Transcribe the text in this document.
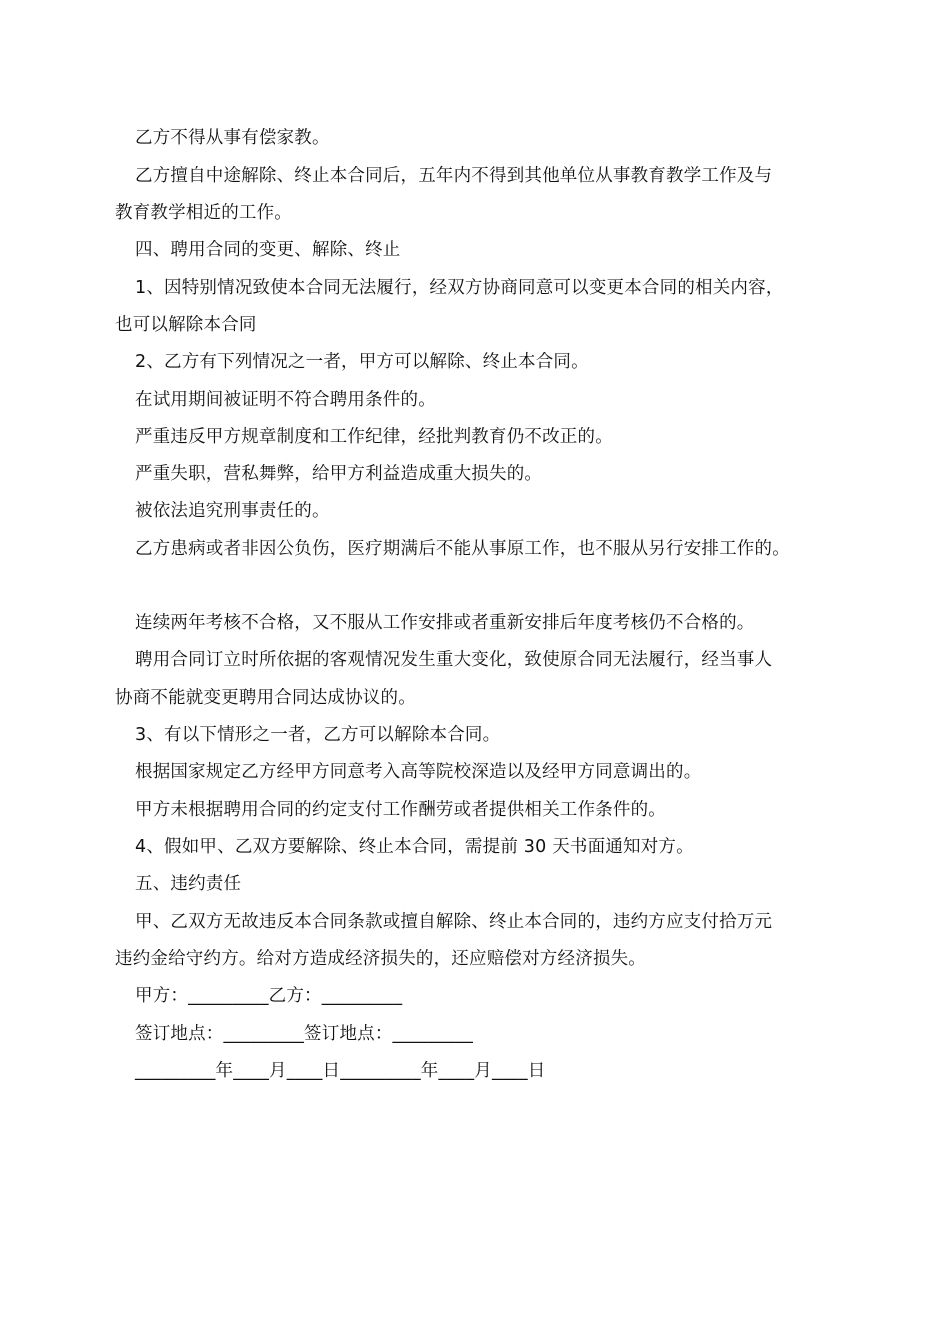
乙方不得从事有偿家教。
乙方擅自中途解除、终止本合同后，五年内不得到其他单位从事教育教学工作及与
教育教学相近的工作。
四、聘用合同的变更、解除、终止
1、因特别情况致使本合同无法履行，经双方协商同意可以变更本合同的相关内容，
也可以解除本合同
2、乙方有下列情况之一者，甲方可以解除、终止本合同。
在试用期间被证明不符合聘用条件的。
严重违反甲方规章制度和工作纪律，经批判教育仍不改正的。
严重失职，营私舞弊，给甲方利益造成重大损失的。
被依法追究刑事责任的。
乙方患病或者非因公负伤，医疗期满后不能从事原工作，也不服从另行安排工作的。
连续两年考核不合格，又不服从工作安排或者重新安排后年度考核仍不合格的。
聘用合同订立时所依据的客观情况发生重大变化，致使原合同无法履行，经当事人
协商不能就变更聘用合同达成协议的。
3、有以下情形之一者，乙方可以解除本合同。
根据国家规定乙方经甲方同意考入高等院校深造以及经甲方同意调出的。
甲方未根据聘用合同的约定支付工作酬劳或者提供相关工作条件的。
4、假如甲、乙双方要解除、终止本合同，需提前 30 天书面通知对方。
五、违约责任
甲、乙双方无故违反本合同条款或擅自解除、终止本合同的，违约方应支付拾万元
违约金给守约方。给对方造成经济损失的，还应赔偿对方经济损失。
甲方：_________乙方：_________
签订地点：_________签订地点：_________
_________年____月____日_________年____月____日
